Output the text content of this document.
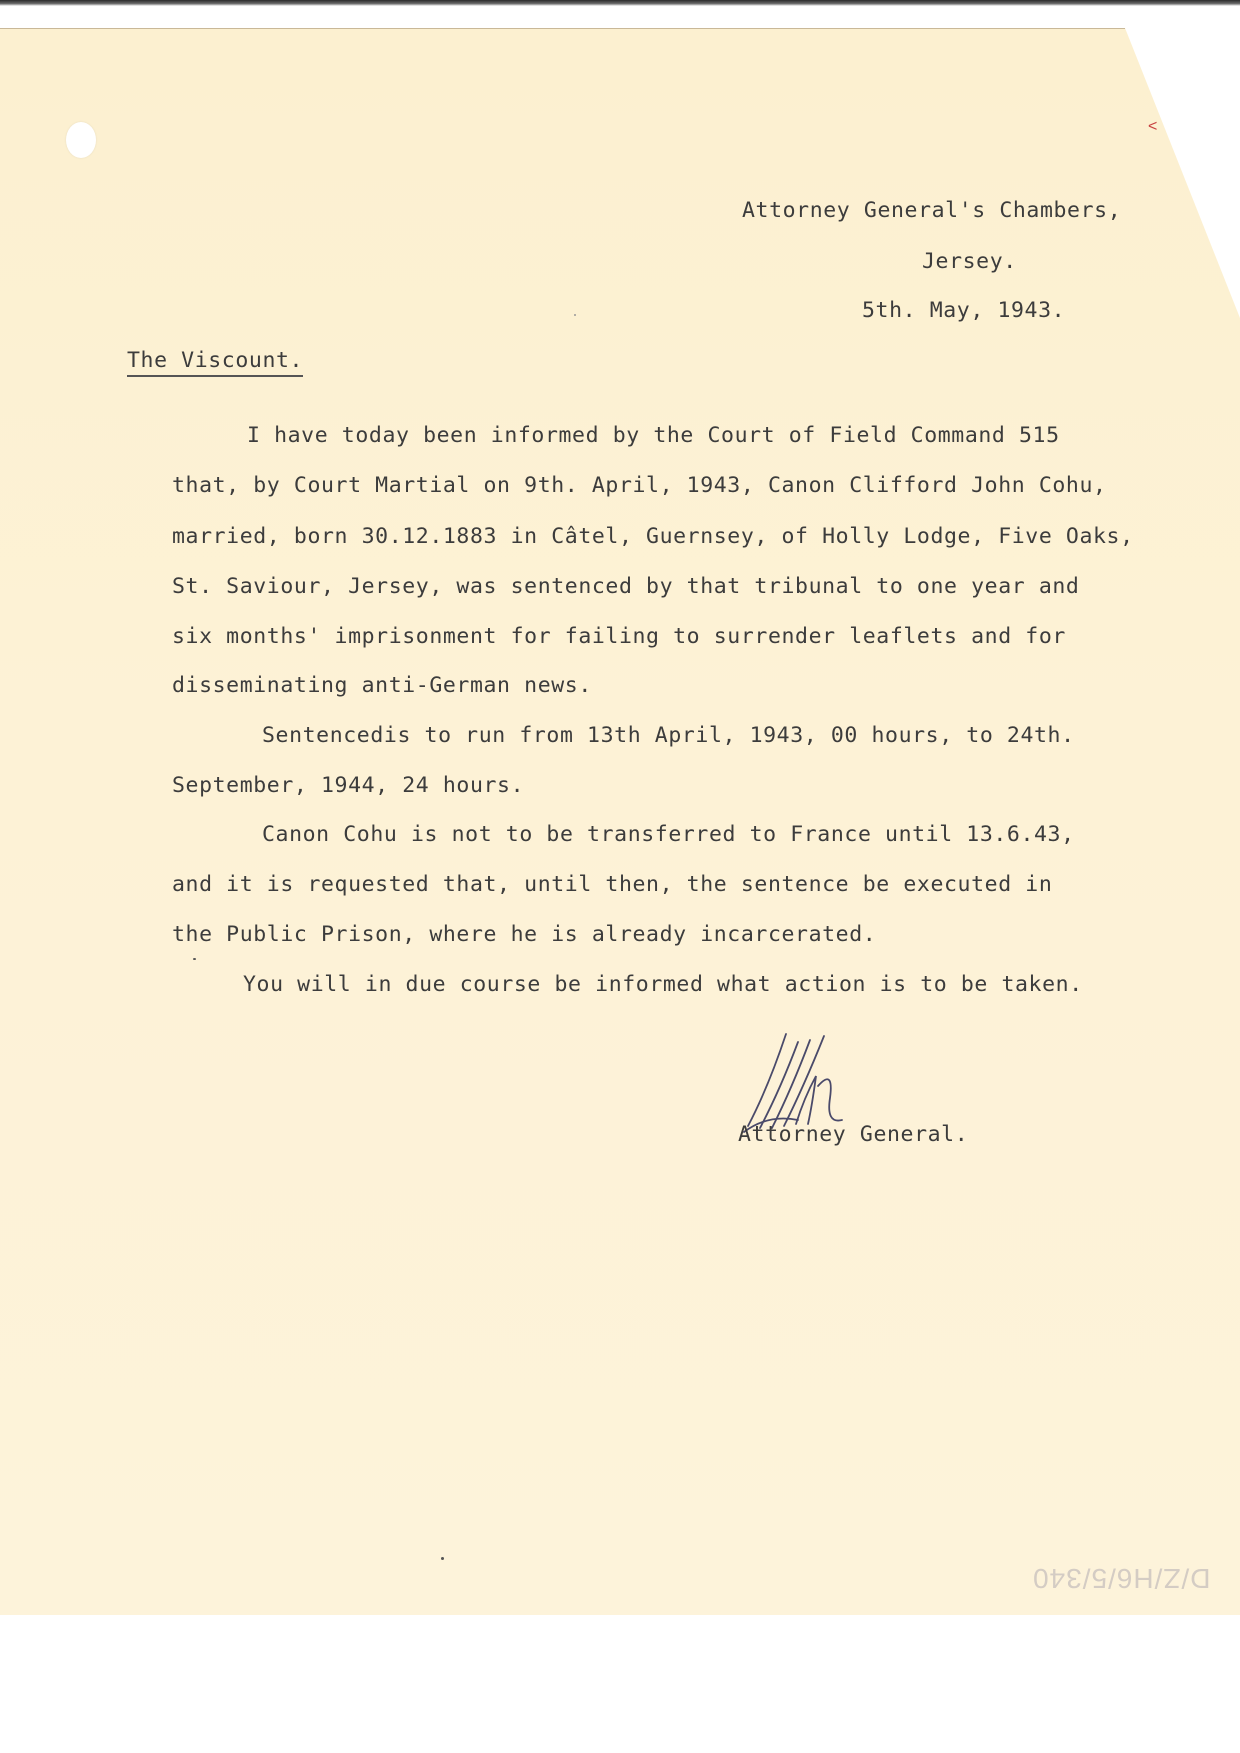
<

Attorney General's Chambers,

Jersey.

5th. May, 1943.

The Viscount.

I have today been informed by the Court of Field Command 515

that, by Court Martial on 9th. April, 1943, Canon Clifford John Cohu,

married, born 30.12.1883 in Câtel, Guernsey, of Holly Lodge, Five Oaks,

St. Saviour, Jersey, was sentenced by that tribunal to one year and

six months' imprisonment for failing to surrender leaflets and for

disseminating anti-German news.

Sentencedis to run from 13th April, 1943, 00 hours, to 24th.

September, 1944, 24 hours.

Canon Cohu is not to be transferred to France until 13.6.43,

and it is requested that, until then, the sentence be executed in

the Public Prison, where he is already incarcerated.

You will in due course be informed what action is to be taken.

Attorney General.

D/Z/H6/5/340
